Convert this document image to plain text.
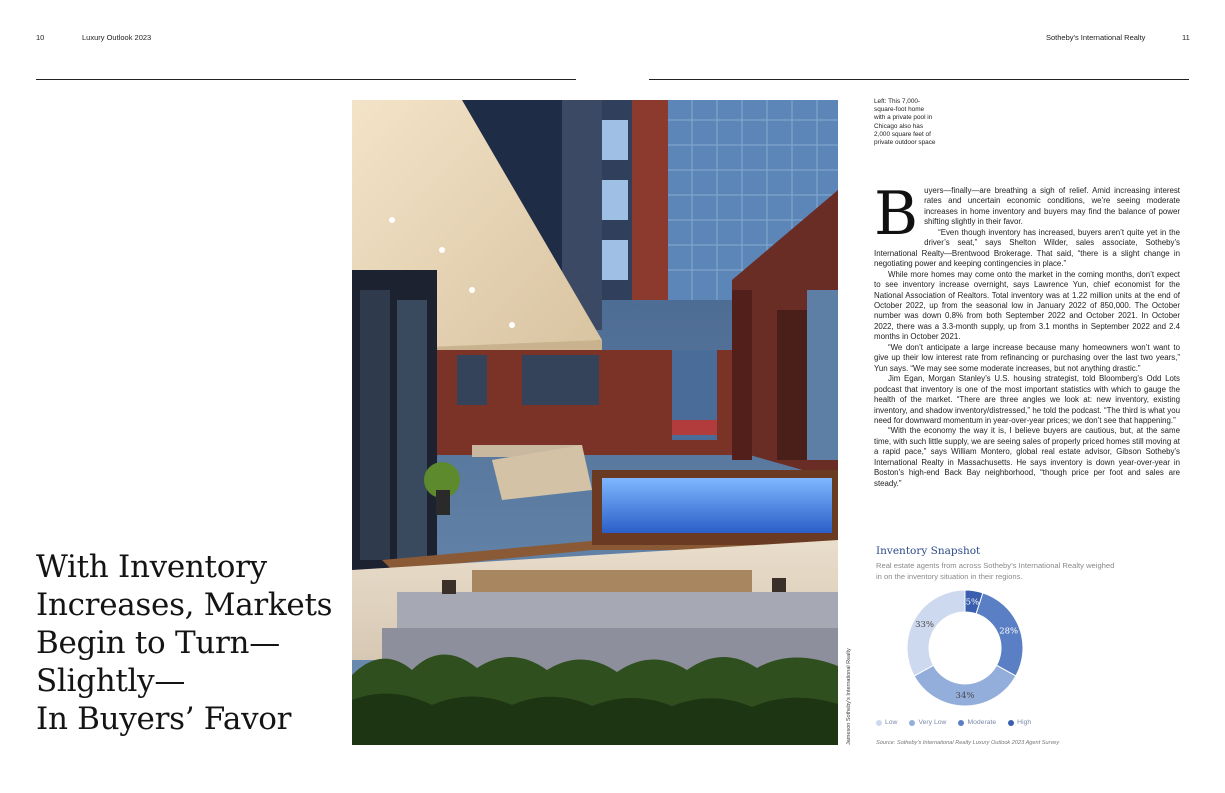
10	Luxury Outlook 2023	Sotheby's International Realty	11
With Inventory
Increases, Markets
Begin to Turn—
Slightly—
In Buyers’ Favor	Jameson Sotheby's International Realty
Left: This 7,000-square-foot home with a private pool in Chicago also has 2,000 square feet of private outdoor space

Buyers—finally—are breathing a sigh of relief. Amid increasing interest rates and uncertain economic conditions, we’re seeing moderate increases in home inventory and buyers may find the balance of power shifting slightly in their favor.

“Even though inventory has increased, buyers aren’t quite yet in the driver’s seat,” says Shelton Wilder, sales associate, Sotheby’s International Realty—Brentwood Brokerage. That said, “there is a slight change in negotiating power and keeping contingencies in place.”

While more homes may come onto the market in the coming months, don’t expect to see inventory increase overnight, says Lawrence Yun, chief economist for the National Association of Realtors. Total inventory was at 1.22 million units at the end of October 2022, up from the seasonal low in January 2022 of 850,000. The October number was down 0.8% from both September 2022 and October 2021. In October 2022, there was a 3.3-month supply, up from 3.1 months in September 2022 and 2.4 months in October 2021.

“We don’t anticipate a large increase because many homeowners won’t want to give up their low interest rate from refinancing or purchasing over the last two years,” Yun says. “We may see some moderate increases, but not anything drastic.”

Jim Egan, Morgan Stanley’s U.S. housing strategist, told Bloomberg’s Odd Lots podcast that inventory is one of the most important statistics with which to gauge the health of the market. “There are three angles we look at: new inventory, existing inventory, and shadow inventory/distressed,” he told the podcast. “The third is what you need for downward momentum in year-over-year prices; we don’t see that happening.”

“With the economy the way it is, I believe buyers are cautious, but, at the same time, with such little supply, we are seeing sales of properly priced homes still moving at a rapid pace,” says William Montero, global real estate advisor, Gibson Sotheby’s International Realty in Massachusetts. He says inventory is down year-over-year in Boston’s high-end Back Bay neighborhood, “though price per foot and sales are steady.”

Inventory Snapshot
Real estate agents from across Sotheby’s International Realty weighed in on the inventory situation in their regions.
5%
28%
34%
33%
Low	Very Low	Moderate	High
Source: Sotheby’s International Realty Luxury Outlook 2023 Agent Survey
